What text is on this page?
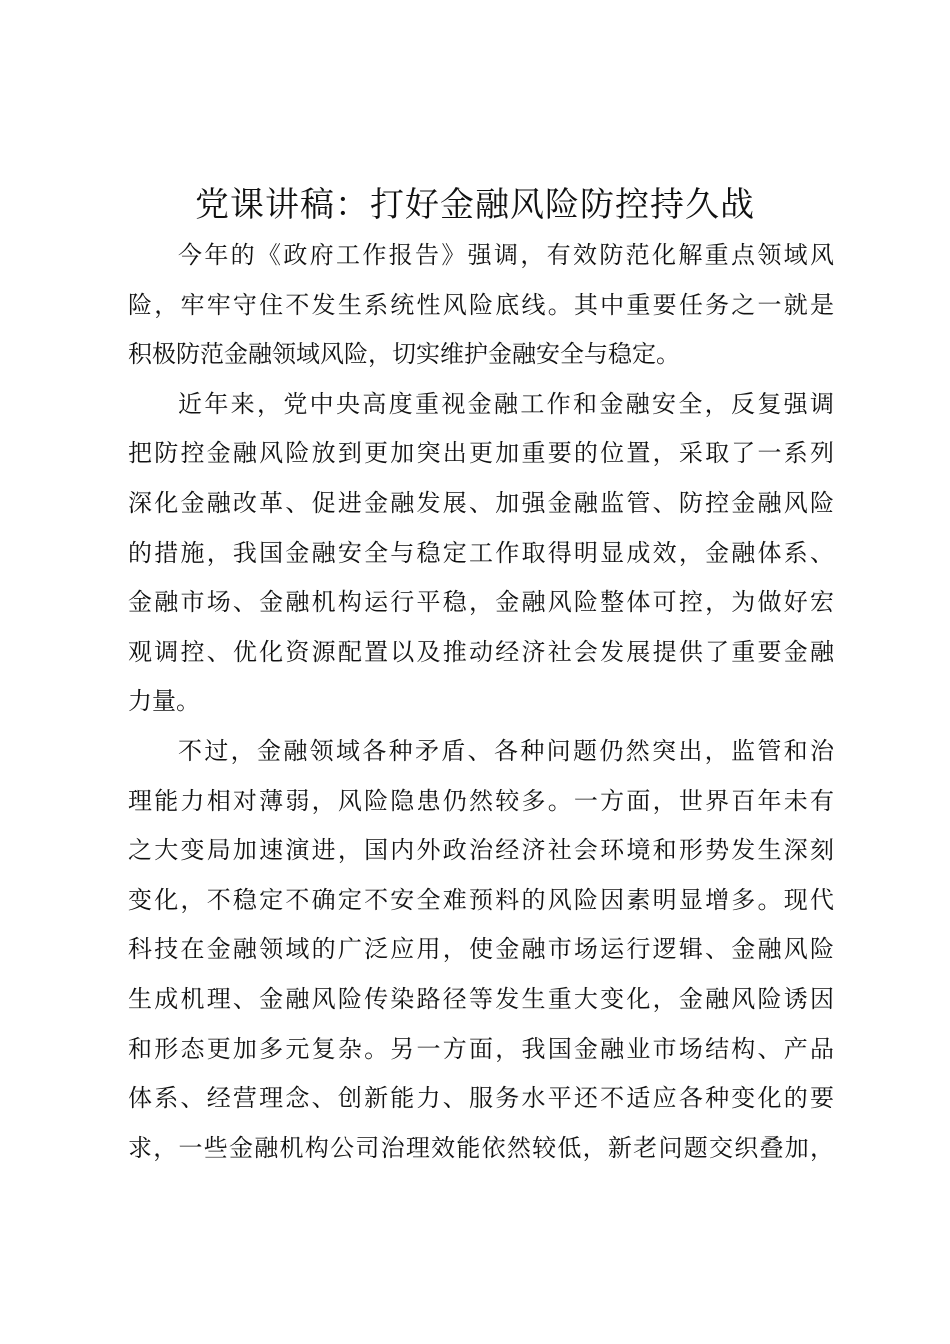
党课讲稿：打好金融风险防控持久战
今年的《政府工作报告》强调，有效防范化解重点领域风
险，牢牢守住不发生系统性风险底线。其中重要任务之一就是
积极防范金融领域风险，切实维护金融安全与稳定。
近年来，党中央高度重视金融工作和金融安全，反复强调
把防控金融风险放到更加突出更加重要的位置，采取了一系列
深化金融改革、促进金融发展、加强金融监管、防控金融风险
的措施，我国金融安全与稳定工作取得明显成效，金融体系、
金融市场、金融机构运行平稳，金融风险整体可控，为做好宏
观调控、优化资源配置以及推动经济社会发展提供了重要金融
力量。
不过，金融领域各种矛盾、各种问题仍然突出，监管和治
理能力相对薄弱，风险隐患仍然较多。一方面，世界百年未有
之大变局加速演进，国内外政治经济社会环境和形势发生深刻
变化，不稳定不确定不安全难预料的风险因素明显增多。现代
科技在金融领域的广泛应用，使金融市场运行逻辑、金融风险
生成机理、金融风险传染路径等发生重大变化，金融风险诱因
和形态更加多元复杂。另一方面，我国金融业市场结构、产品
体系、经营理念、创新能力、服务水平还不适应各种变化的要
求，一些金融机构公司治理效能依然较低，新老问题交织叠加，
